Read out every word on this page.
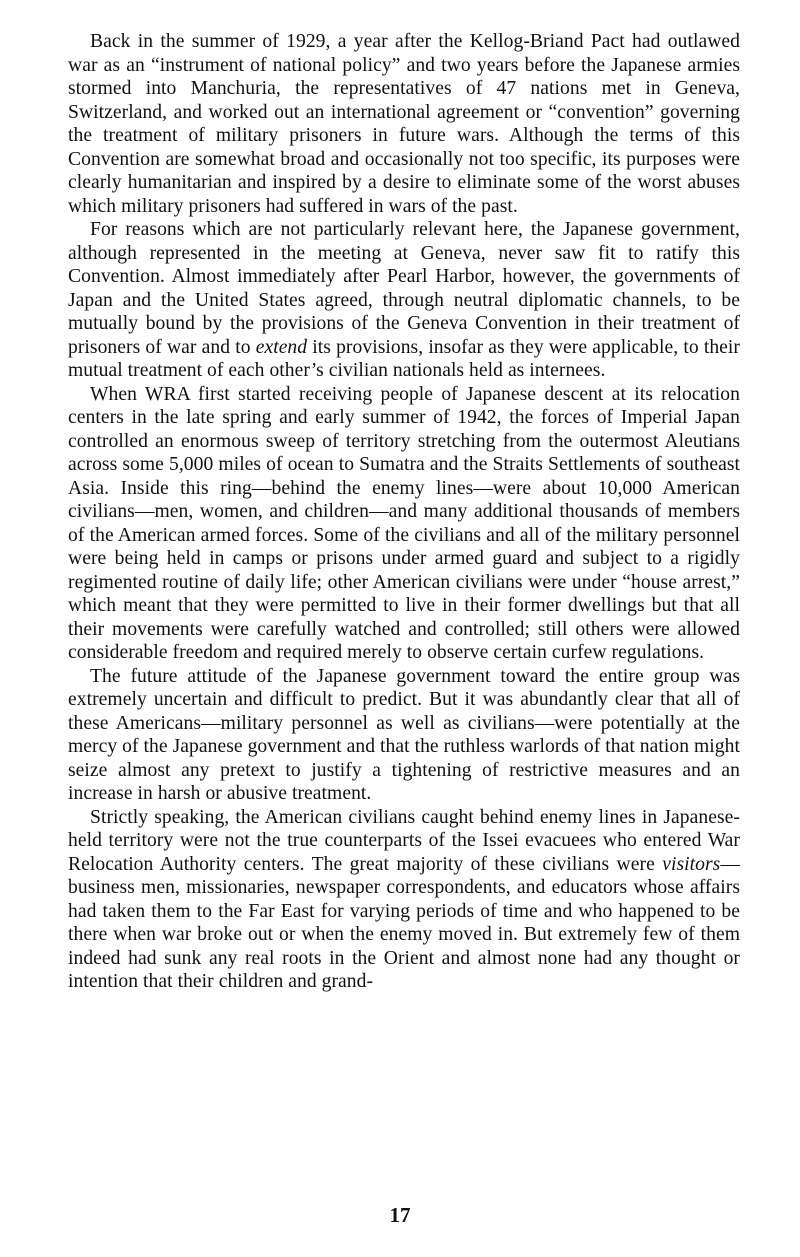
Back in the summer of 1929, a year after the Kellog-Briand Pact had outlawed war as an “instrument of national policy” and two years before the Japanese armies stormed into Manchuria, the representatives of 47 nations met in Geneva, Switzerland, and worked out an international agreement or “convention” governing the treatment of military prisoners in future wars. Although the terms of this Convention are somewhat broad and occasionally not too specific, its purposes were clearly humanitarian and inspired by a desire to eliminate some of the worst abuses which military prisoners had suffered in wars of the past.

For reasons which are not particularly relevant here, the Japanese government, although represented in the meeting at Geneva, never saw fit to ratify this Convention. Almost immediately after Pearl Harbor, however, the governments of Japan and the United States agreed, through neutral diplomatic channels, to be mutually bound by the provisions of the Geneva Convention in their treatment of prisoners of war and to extend its provisions, insofar as they were applicable, to their mutual treatment of each other’s civilian nationals held as internees.

When WRA first started receiving people of Japanese descent at its relocation centers in the late spring and early summer of 1942, the forces of Imperial Japan controlled an enormous sweep of territory stretching from the outermost Aleutians across some 5,000 miles of ocean to Sumatra and the Straits Settlements of southeast Asia. Inside this ring—behind the enemy lines—were about 10,000 American civilians—men, women, and children—and many additional thousands of members of the American armed forces. Some of the civilians and all of the military personnel were being held in camps or prisons under armed guard and subject to a rigidly regimented routine of daily life; other American civilians were under “house arrest,” which meant that they were permitted to live in their former dwellings but that all their movements were carefully watched and controlled; still others were allowed considerable freedom and required merely to observe certain curfew regulations.

The future attitude of the Japanese government toward the entire group was extremely uncertain and difficult to predict. But it was abundantly clear that all of these Americans—military personnel as well as civilians—were potentially at the mercy of the Japanese government and that the ruthless warlords of that nation might seize almost any pretext to justify a tightening of restrictive measures and an increase in harsh or abusive treatment.

Strictly speaking, the American civilians caught behind enemy lines in Japanese-held territory were not the true counterparts of the Issei evacuees who entered War Relocation Authority centers. The great majority of these civilians were visitors—business men, missionaries, newspaper correspondents, and educators whose affairs had taken them to the Far East for varying periods of time and who happened to be there when war broke out or when the enemy moved in. But extremely few of them indeed had sunk any real roots in the Orient and almost none had any thought or intention that their children and grand-

17
